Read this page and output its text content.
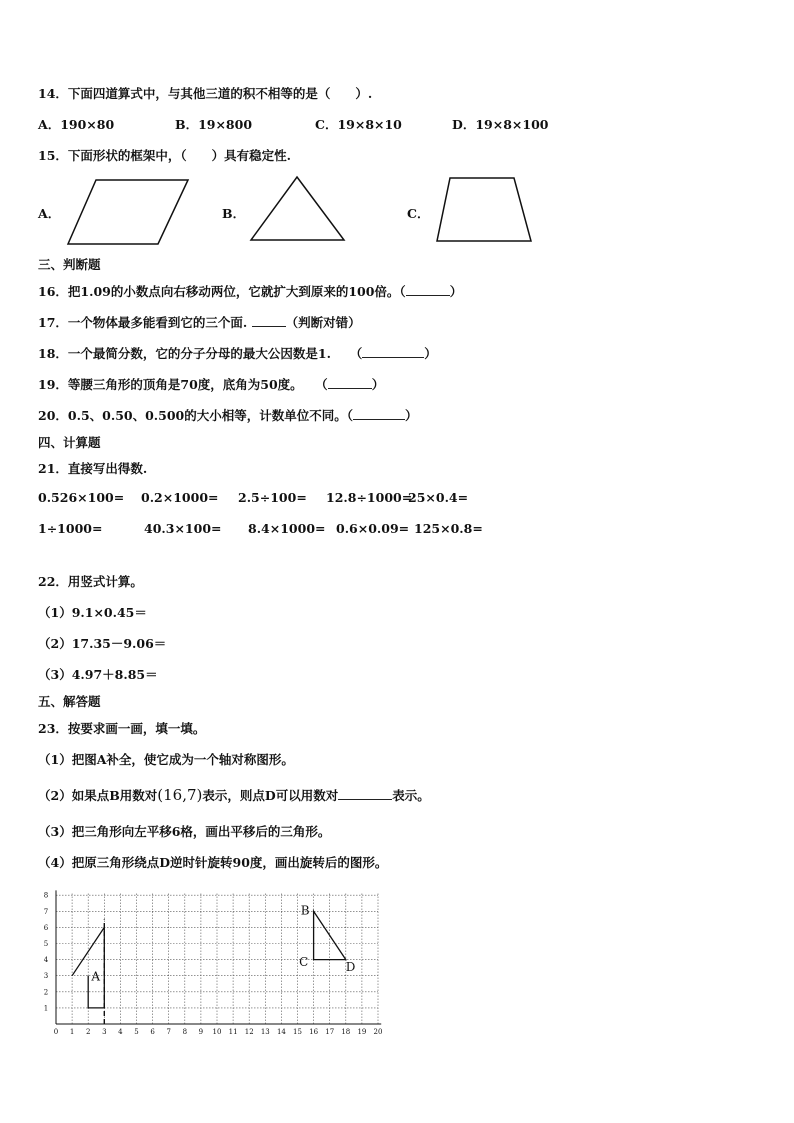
14．下面四道算式中，与其他三道的积不相等的是（　　）.
A．190×80	B．19×800	C．19×8×10	D．19×8×100
15．下面形状的框架中，（　　）具有稳定性.
A．	B．	C．
三、判断题
16．把1.09的小数点向右移动两位，它就扩大到原来的100倍。（	）
17．一个物体最多能看到它的三个面.	（判断对错）
18．一个最简分数，它的分子分母的最大公因数是1.　　（	）
19．等腰三角形的顶角是70度，底角为50度。　　（	）
20．0.5、0.50、0.500的大小相等，计数单位不同。（	）
四、计算题
21．直接写出得数.
0.526×100= 0.2×1000= 2.5÷100= 12.8÷1000=
25×0.4=
1÷1000=	40.3×100= 8.4×1000= 0.6×0.09= 125×0.8=
22．用竖式计算。
（1）9.1×0.45＝
（2）17.35－9.06＝
（3）4.97＋8.85＝
五、解答题
23．按要求画一画，填一填。
（1）把图A补全，使它成为一个轴对称图形。
（2）如果点B用数对(16,7)表示，则点D可以用数对	表示。
（3）把三角形向左平移6格，画出平移后的三角形。
（4）把原三角形绕点D逆时针旋转90度，画出旋转后的图形。
0 1 2 3 4 5 6 7 8 9 10 11 12 13 14 15 16 17 18 19 20
1
2
3
4
5
6
7
8
A
B
C	D
